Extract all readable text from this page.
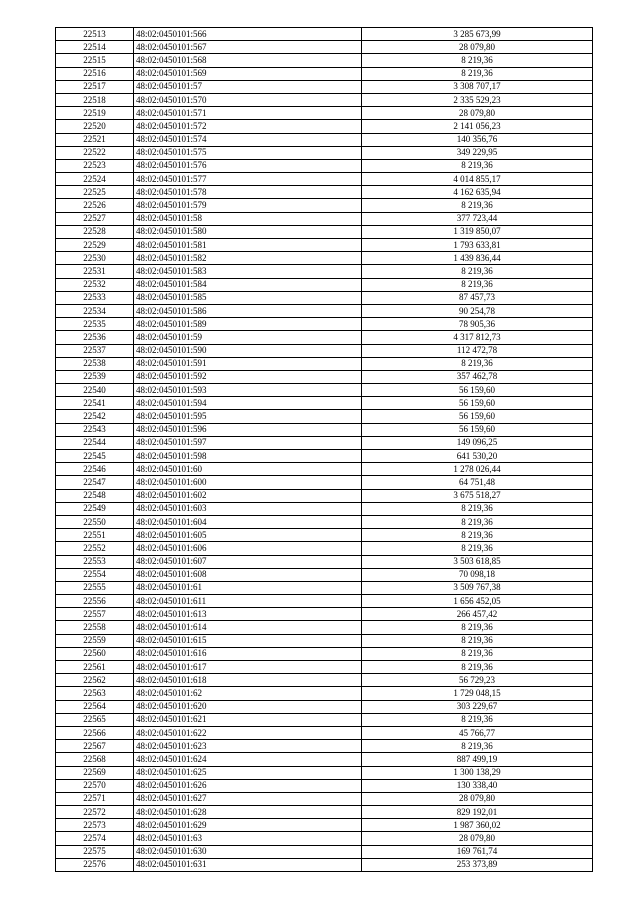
22513	48:02:0450101:566	3 285 673,99
22514	48:02:0450101:567	28 079,80
22515	48:02:0450101:568	8 219,36
22516	48:02:0450101:569	8 219,36
22517	48:02:0450101:57	3 308 707,17
22518	48:02:0450101:570	2 335 529,23
22519	48:02:0450101:571	28 079,80
22520	48:02:0450101:572	2 141 056,23
22521	48:02:0450101:574	140 356,76
22522	48:02:0450101:575	349 229,95
22523	48:02:0450101:576	8 219,36
22524	48:02:0450101:577	4 014 855,17
22525	48:02:0450101:578	4 162 635,94
22526	48:02:0450101:579	8 219,36
22527	48:02:0450101:58	377 723,44
22528	48:02:0450101:580	1 319 850,07
22529	48:02:0450101:581	1 793 633,81
22530	48:02:0450101:582	1 439 836,44
22531	48:02:0450101:583	8 219,36
22532	48:02:0450101:584	8 219,36
22533	48:02:0450101:585	87 457,73
22534	48:02:0450101:586	90 254,78
22535	48:02:0450101:589	78 905,36
22536	48:02:0450101:59	4 317 812,73
22537	48:02:0450101:590	112 472,78
22538	48:02:0450101:591	8 219,36
22539	48:02:0450101:592	357 462,78
22540	48:02:0450101:593	56 159,60
22541	48:02:0450101:594	56 159,60
22542	48:02:0450101:595	56 159,60
22543	48:02:0450101:596	56 159,60
22544	48:02:0450101:597	149 096,25
22545	48:02:0450101:598	641 530,20
22546	48:02:0450101:60	1 278 026,44
22547	48:02:0450101:600	64 751,48
22548	48:02:0450101:602	3 675 518,27
22549	48:02:0450101:603	8 219,36
22550	48:02:0450101:604	8 219,36
22551	48:02:0450101:605	8 219,36
22552	48:02:0450101:606	8 219,36
22553	48:02:0450101:607	3 503 618,85
22554	48:02:0450101:608	70 098,18
22555	48:02:0450101:61	3 509 767,38
22556	48:02:0450101:611	1 656 452,05
22557	48:02:0450101:613	266 457,42
22558	48:02:0450101:614	8 219,36
22559	48:02:0450101:615	8 219,36
22560	48:02:0450101:616	8 219,36
22561	48:02:0450101:617	8 219,36
22562	48:02:0450101:618	56 729,23
22563	48:02:0450101:62	1 729 048,15
22564	48:02:0450101:620	303 229,67
22565	48:02:0450101:621	8 219,36
22566	48:02:0450101:622	45 766,77
22567	48:02:0450101:623	8 219,36
22568	48:02:0450101:624	887 499,19
22569	48:02:0450101:625	1 300 138,29
22570	48:02:0450101:626	130 338,40
22571	48:02:0450101:627	28 079,80
22572	48:02:0450101:628	829 192,01
22573	48:02:0450101:629	1 987 360,02
22574	48:02:0450101:63	28 079,80
22575	48:02:0450101:630	169 761,74
22576	48:02:0450101:631	253 373,89
